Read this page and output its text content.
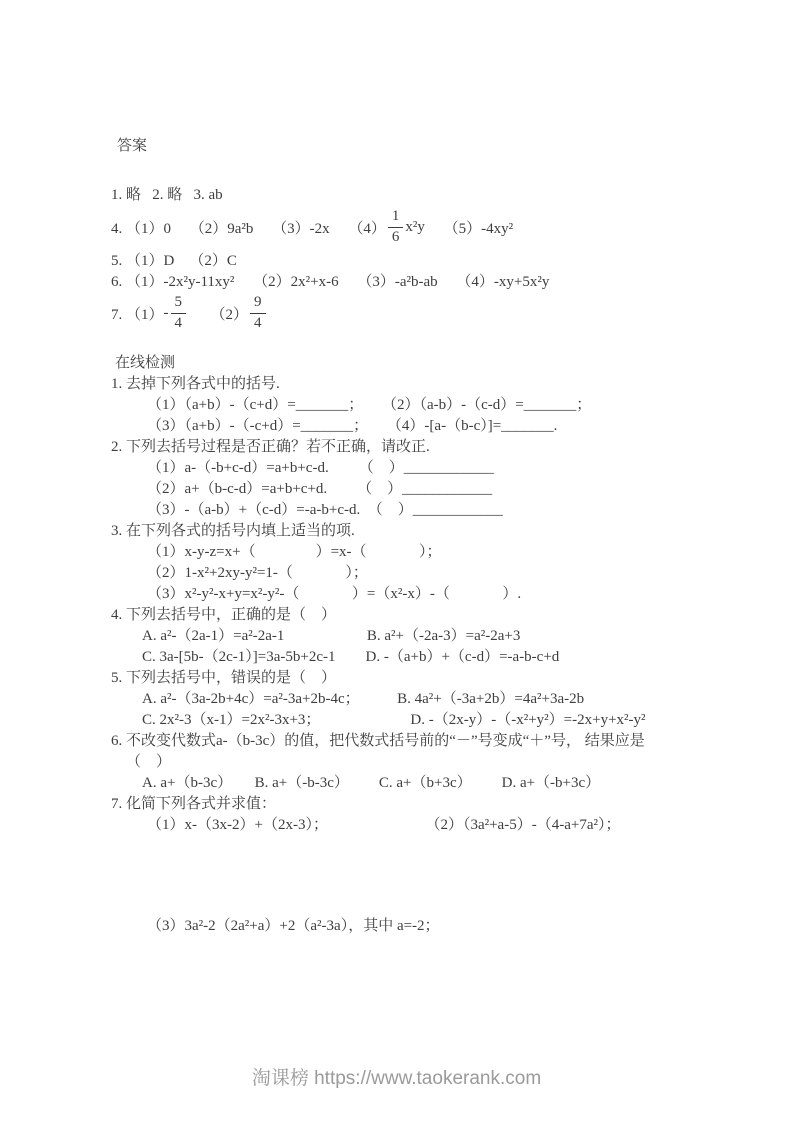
答案
1. 略   2. 略   3. ab
4. （1）0     （2）9a²b     （3）-2x     $(4) \frac{1}{6} x^2y$ （5）-4xy²
5. （1）D    （2）C
6. （1）-2x²y-11xy²     （2）2x²+x-6     （3）-a²b-ab     （4）-xy+5x²y
7. $(1) - \frac{5}{4} (2) \frac{9}{4}$
在线检测
1. 去掉下列各式中的括号.
（1）（a+b）-（c+d）=_______；     （2）（a-b）-（c-d）=_______；
（3）（a+b）-（-c+d）=_______；     （4）-[a-（b-c）]=_______.
2. 下列去括号过程是否正确？若不正确，请改正.
（1）a-（-b+c-d）=a+b+c-d.        （　）____________
（2）a+（b-c-d）=a+b+c+d.        （　）____________
（3）-（a-b）+（c-d）=-a-b+c-d.　（　）____________
3. 在下列各式的括号内填上适当的项.
（1）x-y-z=x+（                ）=x-（              ）；
（2）1-x²+2xy-y²=1-（              ）；
（3）x²-y²-x+y=x²-y²-（              ）=（x²-x）-（              ）.
4. 下列去括号中，正确的是（　）
A. a²-（2a-1）=a²-2a-1                      B. a²+（-2a-3）=a²-2a+3
C. 3a-[5b-（2c-1）]=3a-5b+2c-1        D. -（a+b）+（c-d）=-a-b-c+d
5. 下列去括号中，错误的是（　）
A. a²-（3a-2b+4c）=a²-3a+2b-4c；          B. 4a²+（-3a+2b）=4a²+3a-2b
C. 2x²-3（x-1）=2x²-3x+3；                        D. -（2x-y）-（-x²+y²）=-2x+y+x²-y²
6. 不改变代数式a-（b-3c）的值，把代数式括号前的“－”号变成“＋”号， 结果应是
（　）
A. a+（b-3c）      B. a+（-b-3c）        C. a+（b+3c）        D. a+（-b+3c）
7. 化简下列各式并求值：
（1）x-（3x-2）+（2x-3）；                          （2）（3a²+a-5）-（4-a+7a²）；
（3）3a²-2（2a²+a）+2（a²-3a），其中 a=-2；
淘课榜 https://www.taokerank.com
